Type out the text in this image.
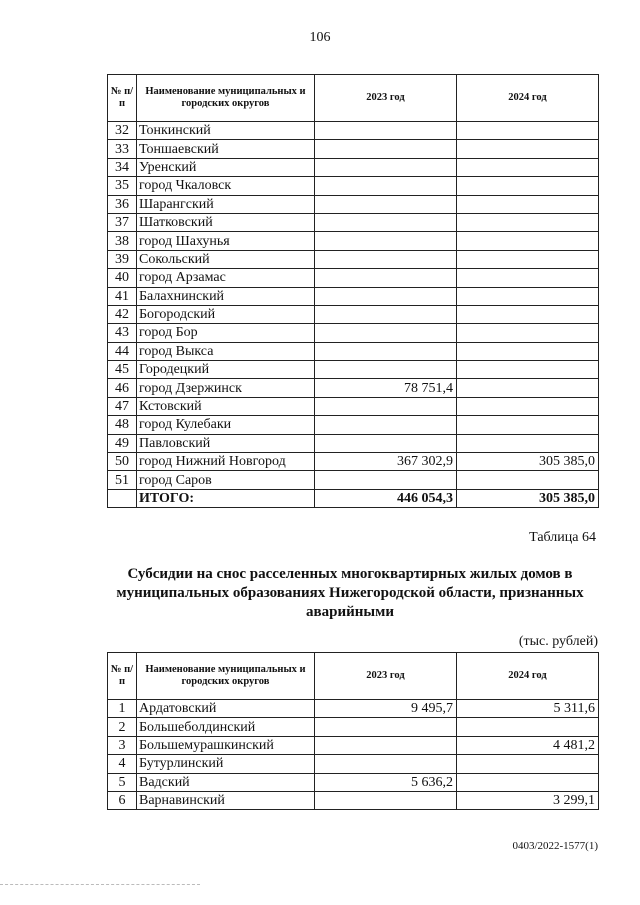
106
№ п/п	Наименование муниципальных и городских округов	2023 год	2024 год
32	Тонкинский		
33	Тоншаевский		
34	Уренский		
35	город Чкаловск		
36	Шарангский		
37	Шатковский		
38	город Шахунья		
39	Сокольский		
40	город Арзамас		
41	Балахнинский		
42	Богородский		
43	город Бор		
44	город Выкса		
45	Городецкий		
46	город Дзержинск	78 751,4	
47	Кстовский		
48	город Кулебаки		
49	Павловский		
50	город Нижний Новгород	367 302,9	305 385,0
51	город Саров		
	ИТОГО:	446 054,3	305 385,0
Таблица 64
Субсидии на снос расселенных многоквартирных жилых домов в муниципальных образованиях Нижегородской области, признанных аварийными
(тыс. рублей)
№ п/п	Наименование муниципальных и городских округов	2023 год	2024 год
1	Ардатовский	9 495,7	5 311,6
2	Большеболдинский		
3	Большемурашкинский		4 481,2
4	Бутурлинский		
5	Вадский	5 636,2	
6	Варнавинский		3 299,1
0403/2022-1577(1)
